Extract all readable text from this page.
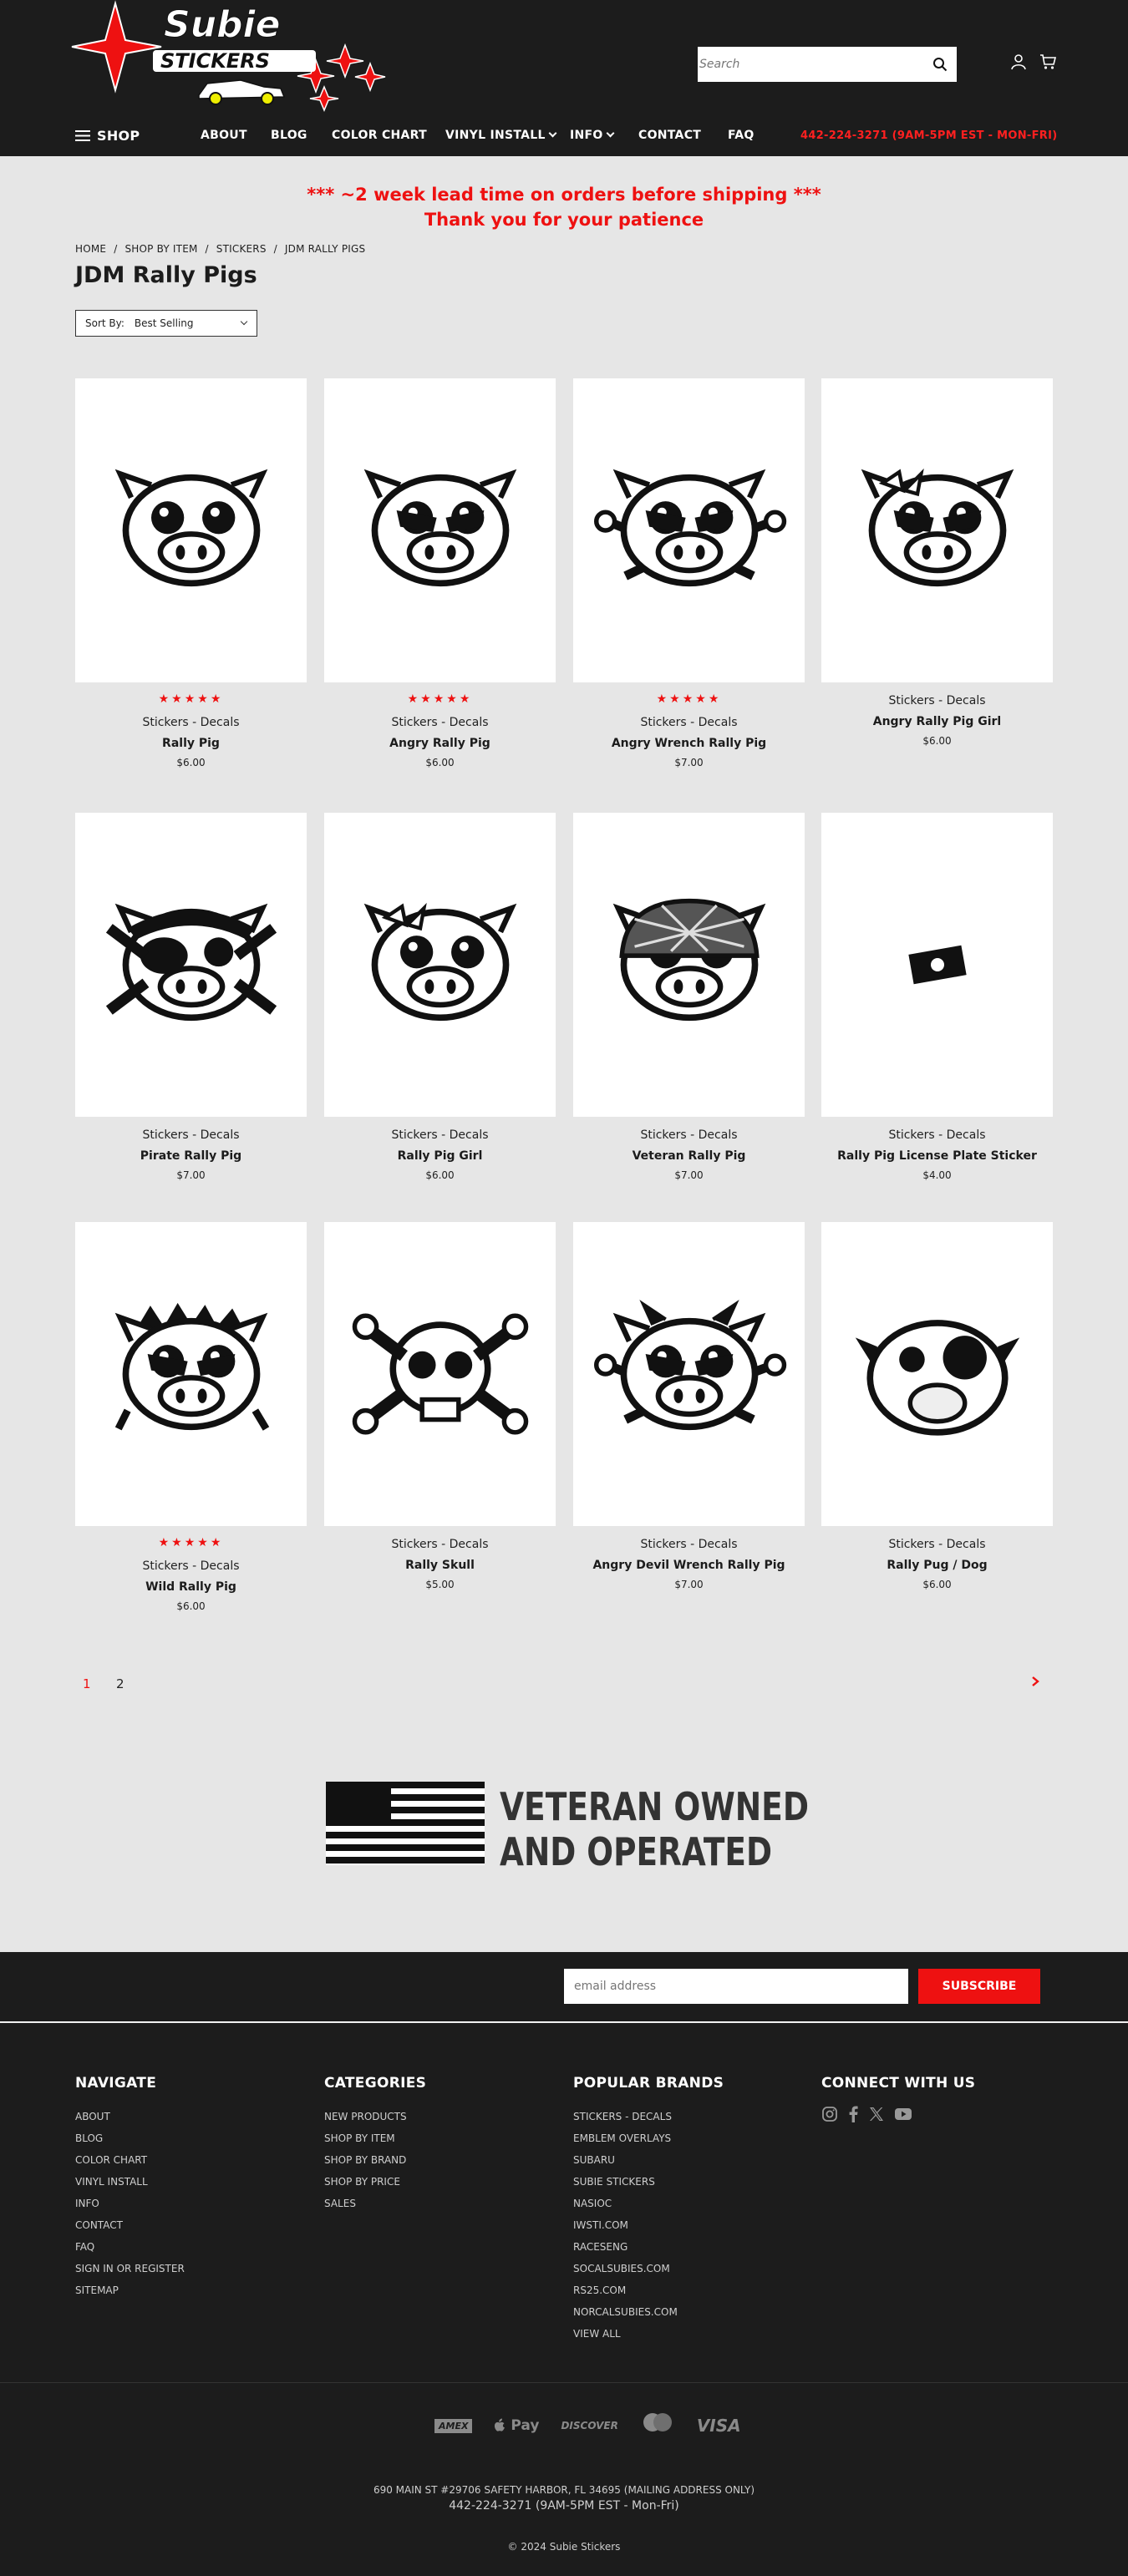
Subie
STICKERS
Search
SHOP	ABOUT BLOG COLOR CHART VINYL INSTALL	INFO	CONTACT FAQ	442-224-3271 (9AM-5PM EST - MON-FRI)
*** ~2 week lead time on orders before shipping ***
Thank you for your patience
HOME / SHOP BY ITEM / STICKERS / JDM RALLY PIGS
JDM Rally Pigs
Sort By: Best Selling
★★★★★
Stickers - Decals
Rally Pig
$6.00
★★★★★
Stickers - Decals
Angry Rally Pig
$6.00
★★★★★
Stickers - Decals
Angry Wrench Rally Pig
$7.00
Stickers - Decals
Angry Rally Pig Girl
$6.00
Stickers - Decals
Pirate Rally Pig
$7.00
Stickers - Decals
Rally Pig Girl
$6.00
Stickers - Decals
Veteran Rally Pig
$7.00
Stickers - Decals
Rally Pig License Plate Sticker
$4.00
★★★★★
Stickers - Decals
Wild Rally Pig
$6.00
Stickers - Decals
Rally Skull
$5.00
Stickers - Decals
Angry Devil Wrench Rally Pig
$7.00
Stickers - Decals
Rally Pug / Dog
$6.00
1 2
VETERAN OWNED
AND OPERATED
email address
SUBSCRIBE
NAVIGATE
ABOUT
BLOG
COLOR CHART
VINYL INSTALL
INFO
CONTACT
FAQ
SIGN IN OR REGISTER
SITEMAP
CATEGORIES
NEW PRODUCTS
SHOP BY ITEM
SHOP BY BRAND
SHOP BY PRICE
SALES
POPULAR BRANDS
STICKERS - DECALS
EMBLEM OVERLAYS
SUBARU
SUBIE STICKERS
NASIOC
IWSTI.COM
RACESENG
SOCALSUBIES.COM
RS25.COM
NORCALSUBIES.COM
VIEW ALL
CONNECT WITH US
AMEX	Pay DISCOVER	VISA
690 MAIN ST #29706 SAFETY HARBOR, FL 34695 (MAILING ADDRESS ONLY)
442-224-3271 (9AM-5PM EST - Mon-Fri)
© 2024 Subie Stickers
